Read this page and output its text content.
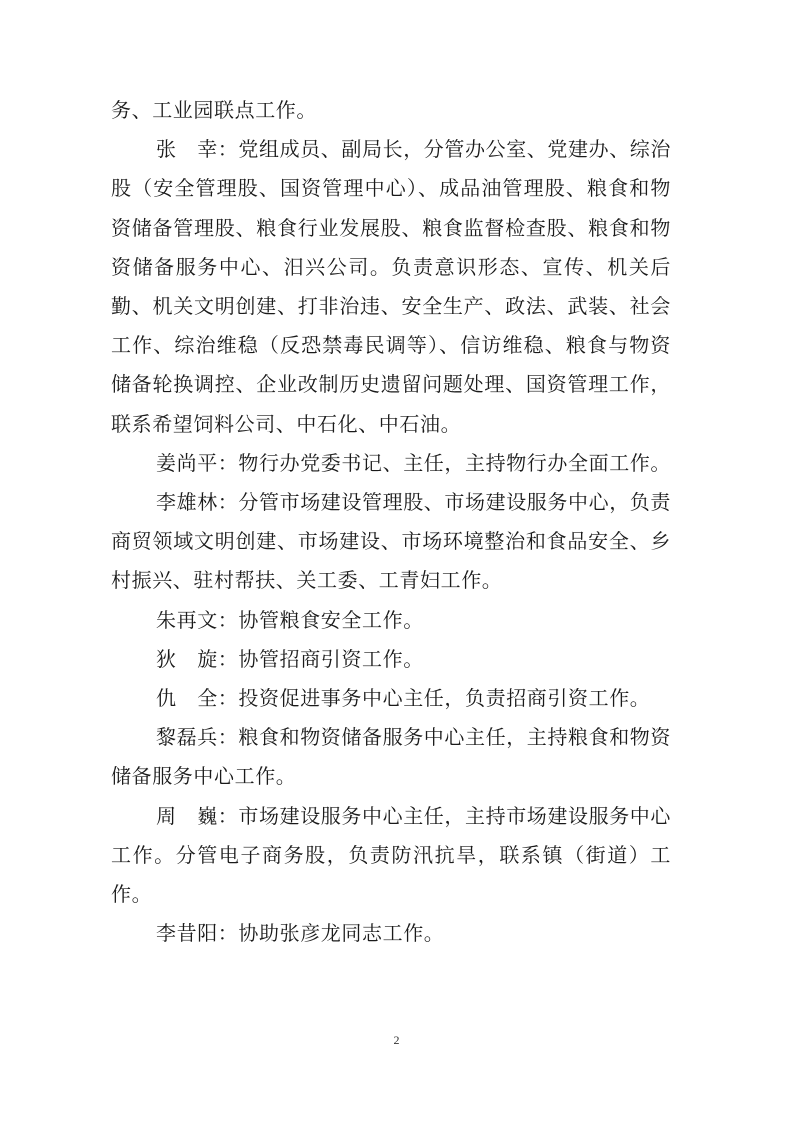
务、工业园联点工作。

张　幸：党组成员、副局长，分管办公室、党建办、综治股（安全管理股、国资管理中心）、成品油管理股、粮食和物资储备管理股、粮食行业发展股、粮食监督检查股、粮食和物资储备服务中心、汨兴公司。负责意识形态、宣传、机关后勤、机关文明创建、打非治违、安全生产、政法、武装、社会工作、综治维稳（反恐禁毒民调等）、信访维稳、粮食与物资储备轮换调控、企业改制历史遗留问题处理、国资管理工作，联系希望饲料公司、中石化、中石油。

姜尚平：物行办党委书记、主任，主持物行办全面工作。

李雄林：分管市场建设管理股、市场建设服务中心，负责商贸领域文明创建、市场建设、市场环境整治和食品安全、乡村振兴、驻村帮扶、关工委、工青妇工作。

朱再文：协管粮食安全工作。

狄　旋：协管招商引资工作。

仇　全：投资促进事务中心主任，负责招商引资工作。

黎磊兵：粮食和物资储备服务中心主任，主持粮食和物资储备服务中心工作。

周　巍：市场建设服务中心主任，主持市场建设服务中心工作。分管电子商务股，负责防汛抗旱，联系镇（街道）工作。

李昔阳：协助张彦龙同志工作。

2
